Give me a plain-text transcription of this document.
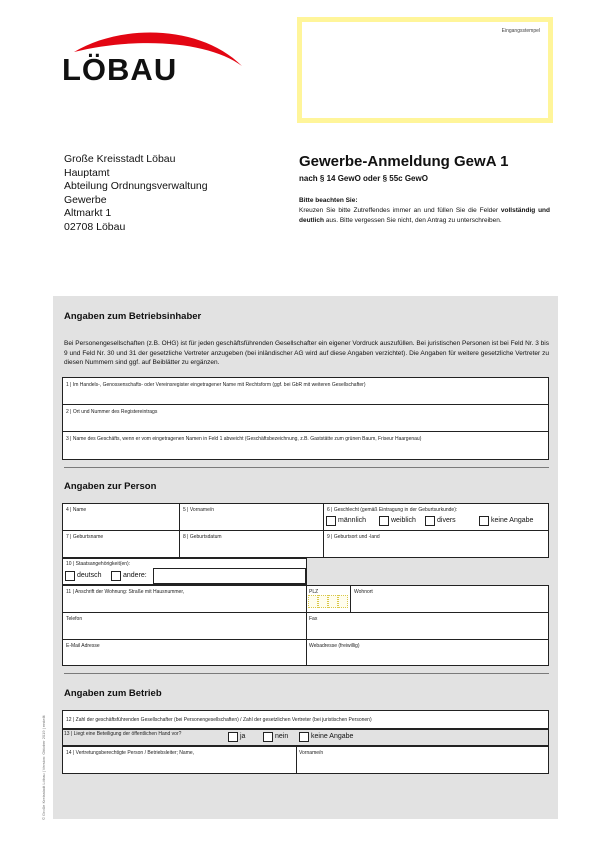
LÖBAU
Eingangsstempel
Große Kreisstadt Löbau
Hauptamt
Abteilung Ordnungsverwaltung
Gewerbe
Altmarkt 1
02708 Löbau
Gewerbe-Anmeldung GewA 1
nach § 14 GewO oder § 55c GewO
Bitte beachten Sie:
Kreuzen Sie bitte Zutreffendes immer an und füllen Sie die Felder vollständig und deutlich aus. Bitte vergessen Sie nicht, den Antrag zu unterschreiben.
Angaben zum Betriebsinhaber
Bei Personengesellschaften (z.B. OHG) ist für jeden geschäftsführenden Gesellschafter ein eigener Vordruck auszufüllen. Bei juristischen Personen ist bei Feld Nr. 3 bis 9 und Feld Nr. 30 und 31 der gesetzliche Vertreter anzugeben (bei inländischer AG wird auf diese Angaben verzichtet). Die Angaben für weitere gesetzliche Vertreter zu diesen Nummern sind ggf. auf Beiblätter zu ergänzen.
1 | Im Handels-, Genossenschafts- oder Vereinsregister eingetragener Name mit Rechtsform (ggf. bei GbR mit weiteren Gesellschafter)
2 | Ort und Nummer des Registereintrags
3 | Name des Geschäfts, wenn er vom eingetragenen Namen in Feld 1 abweicht (Geschäftsbezeichnung, z.B. Gaststätte zum grünen Baum, Friseur Haargenau)
Angaben zur Person
4 | Name	5 | Vorname/n	6 | Geschlecht (gemäß Eintragung in der Geburtsurkunde):
7 | Geburtsname	8 | Geburtsdatum	9 | Geburtsort und -land
männlich	weiblich	divers	keine Angabe
10 | Staatsangehörigkeit(en):
deutsch	andere:
11 | Anschrift der Wohnung: Straße mit Hausnummer,	PLZ	Wohnort
Telefon	Fax
E-Mail Adresse	Webadresse (freiwillig)
Angaben zum Betrieb
12 | Zahl der geschäftsführenden Gesellschafter (bei Personengesellschaften) / Zahl der gesetzlichen Vertreter (bei juristischen Personen)
13 | Liegt eine Beteiligung der öffentlichen Hand vor?	ja	nein	keine Angabe
14 | Vertretungsberechtigte Person / Betriebsleiter; Name,	Vorname/n
© Große Kreisstadt Löbau | Version: Oktober 2019 | erstellt
